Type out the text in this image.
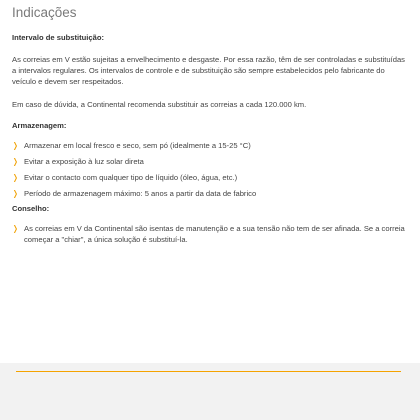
Indicações

Intervalo de substituição:

As correias em V estão sujeitas a envelhecimento e desgaste. Por essa razão, têm de ser controladas e substituídas a intervalos regulares. Os intervalos de controle e de substituição são sempre estabelecidos pelo fabricante do veículo e devem ser respeitados.

Em caso de dúvida, a Continental recomenda substituir as correias a cada 120.000 km.

Armazenagem:

❭ Armazenar em local fresco e seco, sem pó (idealmente a 15-25 °C)
❭ Evitar a exposição à luz solar direta
❭ Evitar o contacto com qualquer tipo de líquido (óleo, água, etc.)
❭ Período de armazenagem máximo: 5 anos a partir da data de fabrico

Conselho:

❭ As correias em V da Continental são isentas de manutenção e a sua tensão não tem de ser afinada. Se a correia começar a "chiar", a única solução é substituí-la.
